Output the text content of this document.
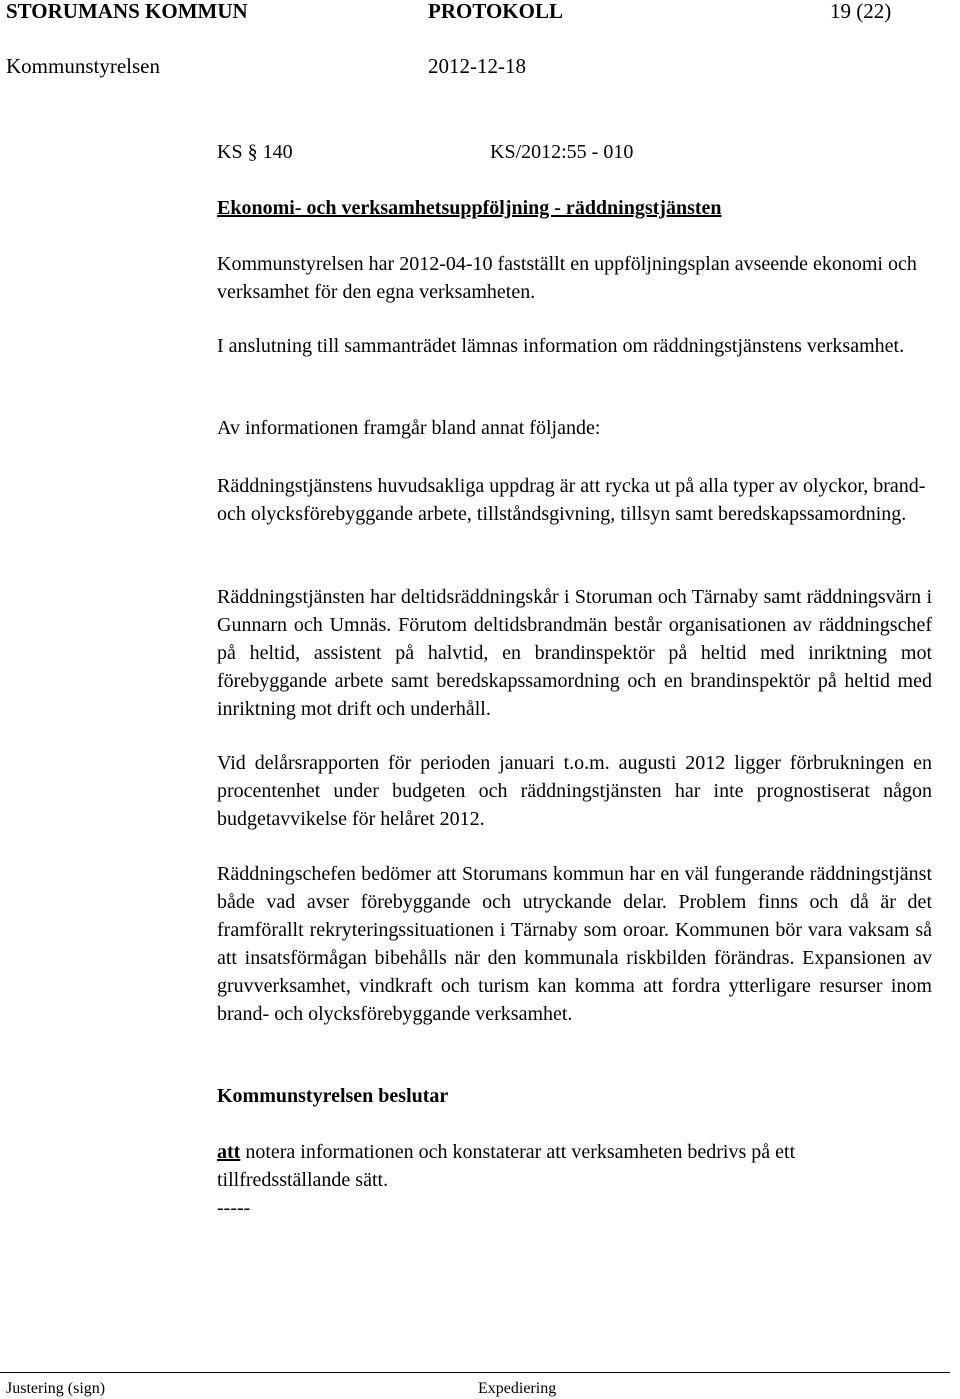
STORUMANS KOMMUN	PROTOKOLL	19 (22)
Kommunstyrelsen	2012-12-18
KS § 140	KS/2012:55 - 010
Ekonomi- och verksamhetsuppföljning - räddningstjänsten
Kommunstyrelsen har 2012-04-10 fastställt en uppföljningsplan avseende ekonomi och verksamhet för den egna verksamheten.
I anslutning till sammanträdet lämnas information om räddningstjänstens verksamhet.
Av informationen framgår bland annat följande:
Räddningstjänstens huvudsakliga uppdrag är att rycka ut på alla typer av olyckor, brand- och olycksförebyggande arbete, tillståndsgivning, tillsyn samt beredskapssamordning.
Räddningstjänsten har deltidsräddningskår i Storuman och Tärnaby samt räddningsvärn i Gunnarn och Umnäs. Förutom deltidsbrandmän består organisationen av räddningschef på heltid, assistent på halvtid, en brandinspektör på heltid med inriktning mot förebyggande arbete samt beredskapssamordning och en brandinspektör på heltid med inriktning mot drift och underhåll.
Vid delårsrapporten för perioden januari t.o.m. augusti 2012 ligger förbrukningen en procentenhet under budgeten och räddningstjänsten har inte prognostiserat någon budgetavvikelse för helåret 2012.
Räddningschefen bedömer att Storumans kommun har en väl fungerande räddningstjänst både vad avser förebyggande och utryckande delar. Problem finns och då är det framförallt rekryteringssituationen i Tärnaby som oroar. Kommunen bör vara vaksam så att insatsförmågan bibehålls när den kommunala riskbilden förändras. Expansionen av gruvverksamhet, vindkraft och turism kan komma att fordra ytterligare resurser inom brand- och olycksförebyggande verksamhet.
Kommunstyrelsen beslutar
att notera informationen och konstaterar att verksamheten bedrivs på ett tillfredsställande sätt.
-----
Justering (sign)	Expediering
